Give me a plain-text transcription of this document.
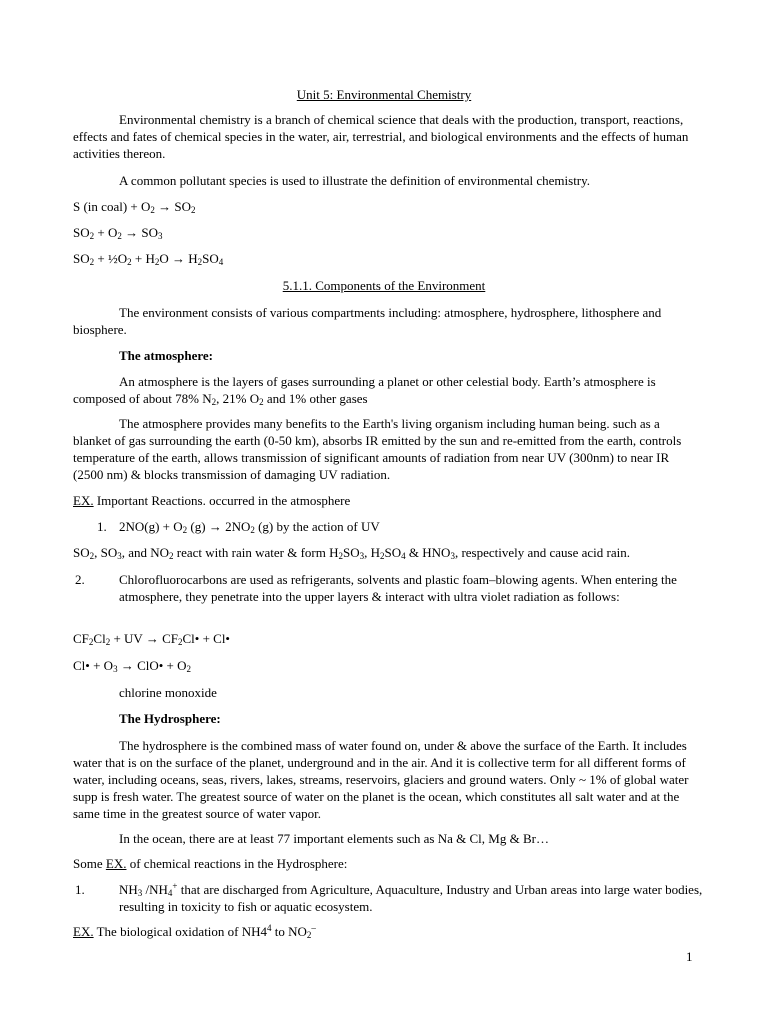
Unit 5: Environmental Chemistry

Environmental chemistry is a branch of chemical science that deals with the production, transport, reactions, effects and fates of chemical species in the water, air, terrestrial, and biological environments and the effects of human activities thereon.

A common pollutant species is used to illustrate the definition of environmental chemistry.

S (in coal) + $O_2 \to SO_2$

$SO_2 + O_2 \to SO_3$

$SO_2$ + $\frac{1}{2}O_2 + H_2O \to H_2SO_4$

5.1.1. Components of the Environment

The environment consists of various compartments including: atmosphere, hydrosphere, lithosphere and biosphere.

The atmosphere:

An atmosphere is the layers of gases surrounding a planet or other celestial body. Earth’s atmosphere is composed of about 78% $N_2$, 21% $O_2$ and 1% other gases

The atmosphere provides many benefits to the Earth's living organism including human being. such as a blanket of gas surrounding the earth (0-50 km), absorbs IR emitted by the sun and re-emitted from the earth, controls temperature of the earth, allows transmission of significant amounts of radiation from near UV (300nm) to near IR (2500 nm) & blocks transmission of damaging UV radiation.

EX. Important Reactions. occurred in the atmosphere

1. $2NO(g) + O_2$ $(g) \to 2NO_2$ (g) by the action of UV

$SO_2$, $SO_3$, and $NO_2$ react with rain water & form $H_2SO_3$, $H_2SO_4$ & $HNO_3$, respectively and cause acid rain.

2.	Chlorofluorocarbons are used as refrigerants, solvents and plastic foam–blowing agents. When entering the atmosphere, they penetrate into the upper layers & interact with ultra violet radiation as follows:

$CF_2Cl_2$ + UV → $CF_2Cl•$ + Cl•

Cl• + $O_3$ → ClO• + $O_2$

chlorine monoxide

The Hydrosphere:

The hydrosphere is the combined mass of water found on, under & above the surface of the Earth. It includes water that is on the surface of the planet, underground and in the air. And it is collective term for all different forms of water, including oceans, seas, rivers, lakes, streams, reservoirs, glaciers and ground waters. Only ~ 1% of global water supp is fresh water. The greatest source of water on the planet is the ocean, which constitutes all salt water and at the same time in the greatest source of water vapor.

In the ocean, there are at least 77 important elements such as Na & Cl, Mg & Br…

Some EX. of chemical reactions in the Hydrosphere:

1.	$NH_3$ $/NH_4^+$ that are discharged from Agriculture, Aquaculture, Industry and Urban areas into large water bodies, resulting in toxicity to fish or aquatic ecosystem.

EX. The biological oxidation of $NH4^4$ to $NO_2^-$

1
